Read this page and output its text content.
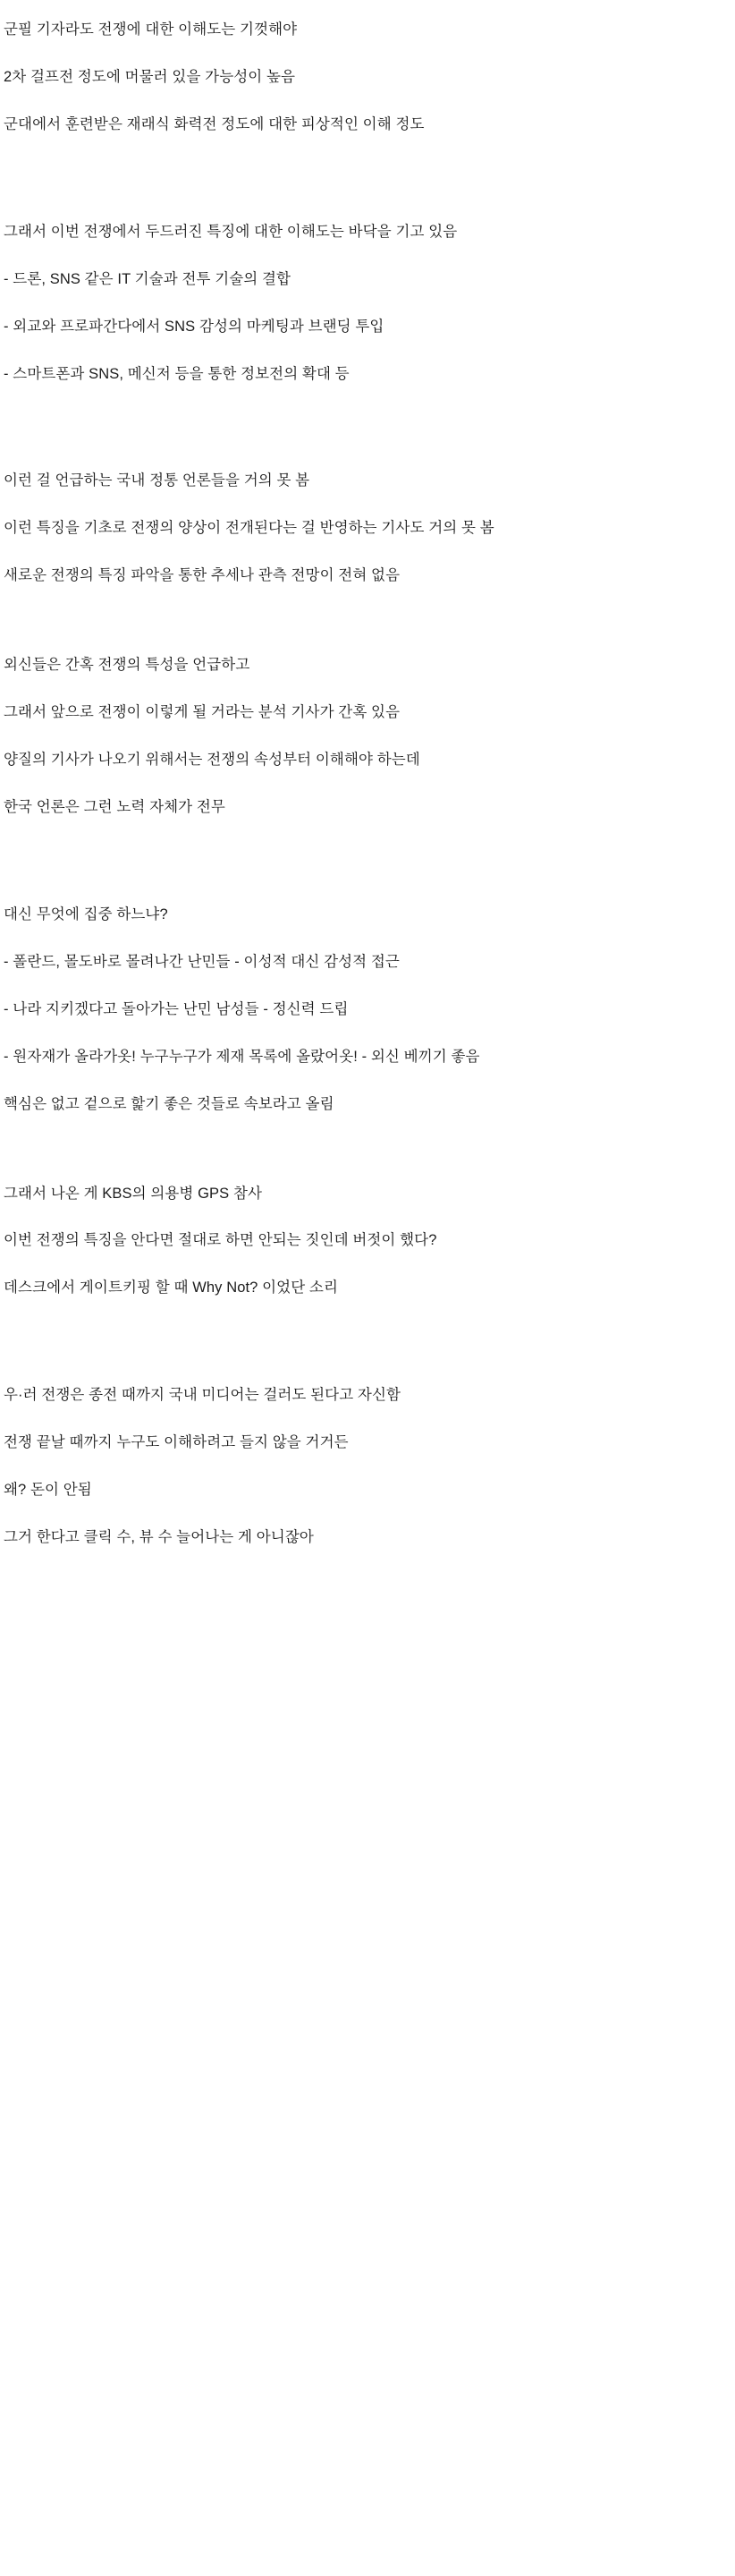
군필 기자라도 전쟁에 대한 이해도는 기껏해야

2차 걸프전 정도에 머물러 있을 가능성이 높음

군대에서 훈련받은 재래식 화력전 정도에 대한 피상적인 이해 정도

그래서 이번 전쟁에서 두드러진 특징에 대한 이해도는 바닥을 기고 있음

- 드론, SNS 같은 IT 기술과 전투 기술의 결합

- 외교와 프로파간다에서 SNS 감성의 마케팅과 브랜딩 투입

- 스마트폰과 SNS, 메신저 등을 통한 정보전의 확대 등

이런 걸 언급하는 국내 정통 언론들을 거의 못 봄

이런 특징을 기초로 전쟁의 양상이 전개된다는 걸 반영하는 기사도 거의 못 봄

새로운 전쟁의 특징 파악을 통한 추세나 관측 전망이 전혀 없음

외신들은 간혹 전쟁의 특성을 언급하고

그래서 앞으로 전쟁이 이렇게 될 거라는 분석 기사가 간혹 있음

양질의 기사가 나오기 위해서는 전쟁의 속성부터 이해해야 하는데

한국 언론은 그런 노력 자체가 전무

대신 무엇에 집중 하느냐?

- 폴란드, 몰도바로 몰려나간 난민들 - 이성적 대신 감성적 접근

- 나라 지키겠다고 돌아가는 난민 남성들 - 정신력 드립

- 원자재가 올라가옷! 누구누구가 제재 목록에 올랐어옷! - 외신 베끼기 좋음

핵심은 없고 겉으로 핥기 좋은 것들로 속보라고 올림

그래서 나온 게 KBS의 의용병 GPS 참사

이번 전쟁의 특징을 안다면 절대로 하면 안되는 짓인데 버젓이 했다?

데스크에서 게이트키핑 할 때 Why Not? 이었단 소리

우·러 전쟁은 종전 때까지 국내 미디어는 걸러도 된다고 자신함

전쟁 끝날 때까지 누구도 이해하려고 들지 않을 거거든

왜? 돈이 안됨

그거 한다고 클릭 수, 뷰 수 늘어나는 게 아니잖아
